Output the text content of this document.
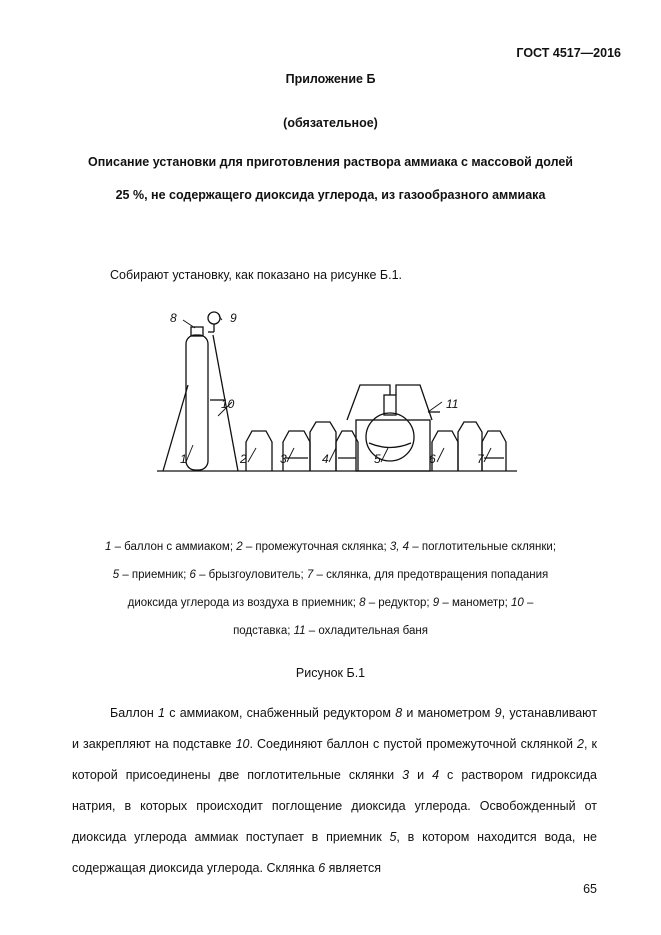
ГОСТ 4517—2016
Приложение Б
(обязательное)
Описание установки для приготовления раствора аммиака с массовой долей
25 %, не содержащего диоксида углерода, из газообразного аммиака
Собирают установку, как показано на рисунке Б.1.
8	9
10	11
1	2	3	4	5	6	7
1 – баллон с аммиаком; 2 – промежуточная склянка; 3, 4 – поглотительные склянки;
5 – приемник; 6 – брызгоуловитель; 7 – склянка, для предотвращения попадания
диоксида углерода из воздуха в приемник; 8 – редуктор; 9 – манометр; 10 –
подставка; 11 – охладительная баня
Рисунок Б.1

Баллон 1 с аммиаком, снабженный редуктором 8 и манометром 9, устанавливают и закрепляют на подставке 10. Соединяют баллон с пустой промежуточной склянкой 2, к которой присоединены две поглотительные склянки 3 и 4 с раствором гидроксида натрия, в которых происходит поглощение диоксида углерода. Освобожденный от диоксида углерода аммиак поступает в приемник 5, в котором находится вода, не содержащая диоксида углерода. Склянка 6 является

65
